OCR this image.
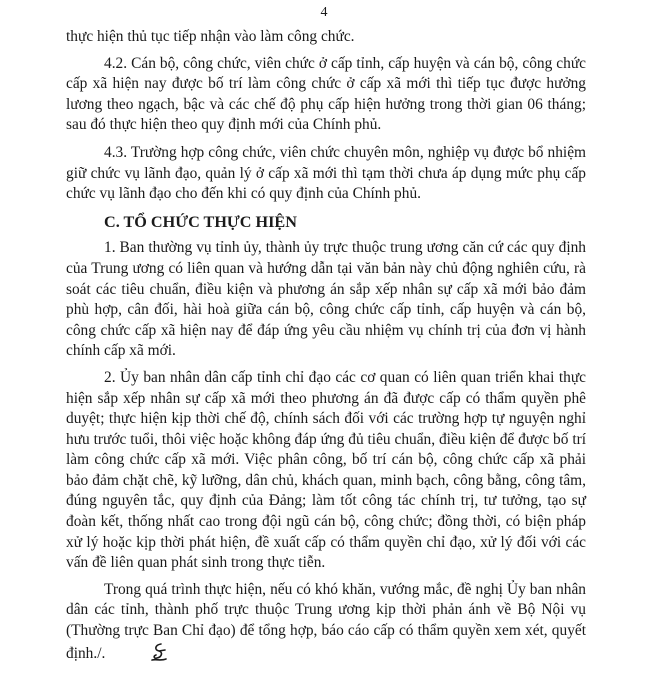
4

thực hiện thủ tục tiếp nhận vào làm công chức.

4.2. Cán bộ, công chức, viên chức ở cấp tỉnh, cấp huyện và cán bộ, công chức cấp xã hiện nay được bố trí làm công chức ở cấp xã mới thì tiếp tục được hưởng lương theo ngạch, bậc và các chế độ phụ cấp hiện hưởng trong thời gian 06 tháng; sau đó thực hiện theo quy định mới của Chính phủ.

4.3. Trường hợp công chức, viên chức chuyên môn, nghiệp vụ được bổ nhiệm giữ chức vụ lãnh đạo, quản lý ở cấp xã mới thì tạm thời chưa áp dụng mức phụ cấp chức vụ lãnh đạo cho đến khi có quy định của Chính phủ.

C. TỔ CHỨC THỰC HIỆN

1. Ban thường vụ tỉnh ủy, thành ủy trực thuộc trung ương căn cứ các quy định của Trung ương có liên quan và hướng dẫn tại văn bản này chủ động nghiên cứu, rà soát các tiêu chuẩn, điều kiện và phương án sắp xếp nhân sự cấp xã mới bảo đảm phù hợp, cân đối, hài hoà giữa cán bộ, công chức cấp tỉnh, cấp huyện và cán bộ, công chức cấp xã hiện nay để đáp ứng yêu cầu nhiệm vụ chính trị của đơn vị hành chính cấp xã mới.

2. Ủy ban nhân dân cấp tỉnh chỉ đạo các cơ quan có liên quan triển khai thực hiện sắp xếp nhân sự cấp xã mới theo phương án đã được cấp có thẩm quyền phê duyệt; thực hiện kịp thời chế độ, chính sách đối với các trường hợp tự nguyện nghỉ hưu trước tuổi, thôi việc hoặc không đáp ứng đủ tiêu chuẩn, điều kiện để được bố trí làm công chức cấp xã mới. Việc phân công, bố trí cán bộ, công chức cấp xã phải bảo đảm chặt chẽ, kỹ lưỡng, dân chủ, khách quan, minh bạch, công bằng, công tâm, đúng nguyên tắc, quy định của Đảng; làm tốt công tác chính trị, tư tưởng, tạo sự đoàn kết, thống nhất cao trong đội ngũ cán bộ, công chức; đồng thời, có biện pháp xử lý hoặc kịp thời phát hiện, đề xuất cấp có thẩm quyền chỉ đạo, xử lý đối với các vấn đề liên quan phát sinh trong thực tiễn.

Trong quá trình thực hiện, nếu có khó khăn, vướng mắc, đề nghị Ủy ban nhân dân các tỉnh, thành phố trực thuộc Trung ương kịp thời phản ánh về Bộ Nội vụ (Thường trực Ban Chỉ đạo) để tổng hợp, báo cáo cấp có thẩm quyền xem xét, quyết định./.
